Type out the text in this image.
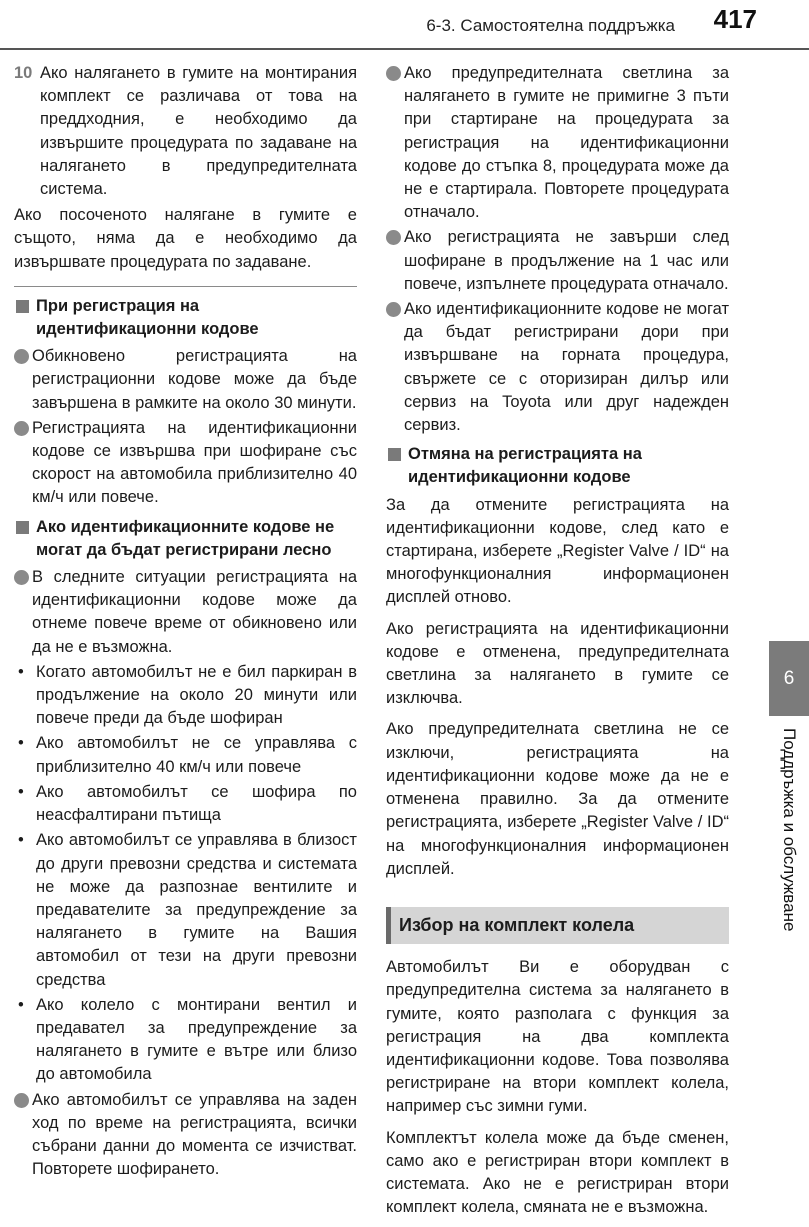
6-3. Самостоятелна поддръжка 417
10 Ако налягането в гумите на монтирания комплект се различава от това на преддходния, е необходимо да извършите процедурата по задаване на налягането в предупредителната система.

Ако посоченото налягане в гумите е същото, няма да е необходимо да извършвате процедурата по задаване.

При регистрация на идентификационни кодове
Обикновено регистрацията на регистрационни кодове може да бъде завършена в рамките на около 30 минути.
Регистрацията на идентификационни кодове се извършва при шофиране със скорост на автомобила приблизително 40 км/ч или повече.
Ако идентификационните кодове не могат да бъдат регистрирани лесно
В следните ситуации регистрацията на идентификационни кодове може да отнеме повече време от обикновено или да не е възможна.
• Когато автомобилът не е бил паркиран в продължение на около 20 минути или повече преди да бъде шофиран
• Ако автомобилът не се управлява с приблизително 40 км/ч или повече
• Ако автомобилът се шофира по неасфалтирани пътища
• Ако автомобилът се управлява в близост до други превозни средства и системата не може да разпознае вентилите и предавателите за предупреждение за налягането в гумите на Вашия автомобил от тези на други превозни средства
• Ако колело с монтирани вентил и предавател за предупреждение за налягането в гумите е вътре или близо до автомобила
Ако автомобилът се управлява на заден ход по време на регистрацията, всички събрани данни до момента се изчистват. Повторете шофирането.
Ако предупредителната светлина за налягането в гумите не примигне 3 пъти при стартиране на процедурата за регистрация на идентификационни кодове до стъпка 8, процедурата може да не е стартирала. Повторете процедурата отначало.
Ако регистрацията не завърши след шофиране в продължение на 1 час или повече, изпълнете процедурата отначало.
Ако идентификационните кодове не могат да бъдат регистрирани дори при извършване на горната процедура, свържете се с оторизиран дилър или сервиз на Toyota или друг надежден сервиз.
Отмяна на регистрацията на идентификационни кодове

За да отмените регистрацията на идентификационни кодове, след като е стартирана, изберете „Register Valve / ID“ на многофункционалния информационен дисплей отново.

Ако регистрацията на идентификационни кодове е отменена, предупредителната светлина за налягането в гумите се изключва.

Ако предупредителната светлина не се изключи, регистрацията на идентификационни кодове може да не е отменена правилно. За да отмените регистрацията, изберете „Register Valve / ID“ на многофункционалния информационен дисплей.

Избор на комплект колела

Автомобилът Ви е оборудван с предупредителна система за налягането в гумите, която разполага с функция за регистрация на два комплекта идентификационни кодове. Това позволява регистриране на втори комплект колела, например със зимни гуми.

Комплектът колела може да бъде сменен, само ако е регистриран втори комплект в системата. Ако не е регистриран втори комплект колела, смяната не е възможна.

6
Поддръжка и обслужване
